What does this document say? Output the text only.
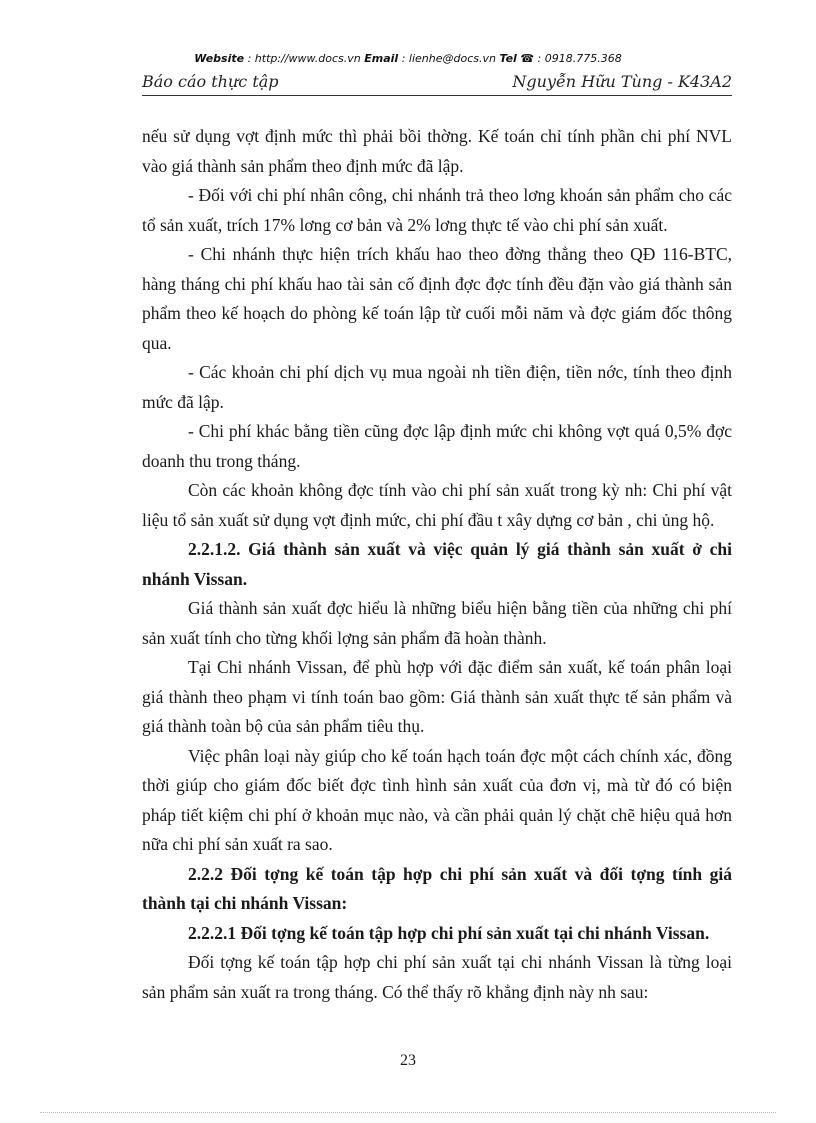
Website : http://www.docs.vn Email : lienhe@docs.vn Tel ☎ : 0918.775.368
Báo cáo thực tập	Nguyễn Hữu Tùng - K43A2

nếu sử dụng vợt định mức thì phải bồi thờng. Kế toán chỉ tính phần chi phí NVL vào giá thành sản phẩm theo định mức đã lập.

- Đối với chi phí nhân công, chi nhánh trả theo lơng khoán sản phẩm cho các tổ sản xuất, trích 17% lơng cơ bản và 2% lơng thực tế vào chi phí sản xuất.

- Chi nhánh thực hiện trích khấu hao theo đờng thẳng theo QĐ 116-BTC, hàng tháng chi phí khấu hao tài sản cố định đợc đợc tính đều đặn vào giá thành sản phẩm theo kế hoạch do phòng kế toán lập từ cuối mỗi năm và đợc giám đốc thông qua.

- Các khoản chi phí dịch vụ mua ngoài nh tiền điện, tiền nớc, tính theo định mức đã lập.

- Chi phí khác bằng tiền cũng đợc lập định mức chi không vợt quá 0,5% đợc doanh thu trong tháng.

Còn các khoản không đợc tính vào chi phí sản xuất trong kỳ nh: Chi phí vật liệu tổ sản xuất sử dụng vợt định mức, chi phí đầu t xây dựng cơ bản , chi ủng hộ.

2.2.1.2. Giá thành sản xuất và việc quản lý giá thành sản xuất ở chi nhánh Vissan.

Giá thành sản xuất đợc hiểu là những biểu hiện bằng tiền của những chi phí sản xuất tính cho từng khối lợng sản phẩm đã hoàn thành.

Tại Chi nhánh Vissan, để phù hợp với đặc điểm sản xuất, kế toán phân loại giá thành theo phạm vi tính toán bao gồm: Giá thành sản xuất thực tế sản phẩm và giá thành toàn bộ của sản phẩm tiêu thụ.

Việc phân loại này giúp cho kế toán hạch toán đợc một cách chính xác, đồng thời giúp cho giám đốc biết đợc tình hình sản xuất của đơn vị, mà từ đó có biện pháp tiết kiệm chi phí ở khoản mục nào, và cần phải quản lý chặt chẽ hiệu quả hơn nữa chi phí sản xuất ra sao.

2.2.2 Đối tợng kế toán tập hợp chi phí sản xuất và đối tợng tính giá thành tại chi nhánh Vissan:

2.2.2.1 Đối tợng kế toán tập hợp chi phí sản xuất tại chi nhánh Vissan.

Đối tợng kế toán tập hợp chi phí sản xuất tại chi nhánh Vissan là từng loại sản phẩm sản xuất ra trong tháng. Có thể thấy rõ khẳng định này nh sau:

23
